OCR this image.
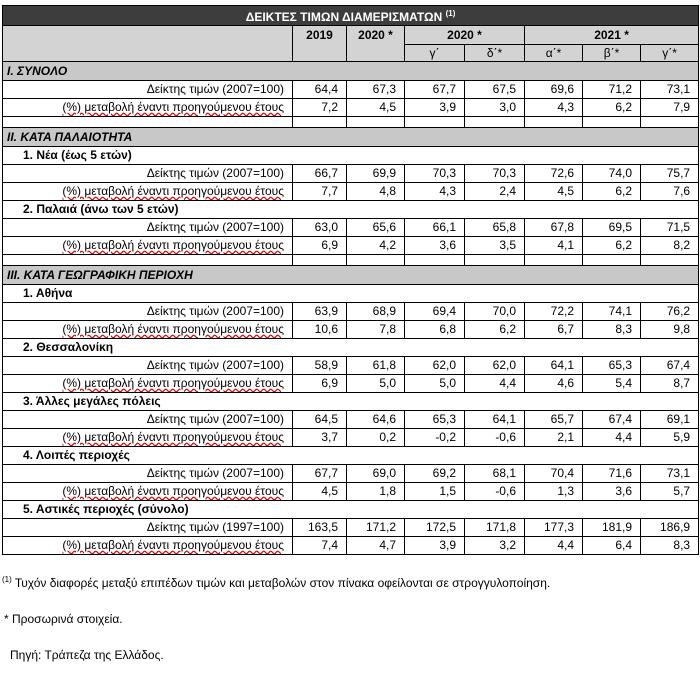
ΔΕΙΚΤΕΣ ΤΙΜΩΝ ΔΙΑΜΕΡΙΣΜΑΤΩΝ $^{(1)}$
	2019	2020 *	2020 *		2021 *		
			γ΄	δ΄*	α΄*	β΄*	γ΄*
I. ΣΥΝΟΛΟ							
Δείκτης τιμών (2007=100)	64,4	67,3	67,7	67,5	69,6	71,2	73,1
(%) μεταβολή έναντι προηγούμενου έτους	7,2	4,5	3,9	3,0	4,3	6,2	7,9

II. ΚΑΤΑ ΠΑΛΑΙΟΤΗΤΑ							
1. Νέα (έως 5 ετών)							
Δείκτης τιμών (2007=100)	66,7	69,9	70,3	70,3	72,6	74,0	75,7
(%) μεταβολή έναντι προηγούμενου έτους	7,7	4,8	4,3	2,4	4,5	6,2	7,6
2. Παλαιά (άνω των 5 ετών)							
Δείκτης τιμών (2007=100)	63,0	65,6	66,1	65,8	67,8	69,5	71,5
(%) μεταβολή έναντι προηγούμενου έτους	6,9	4,2	3,6	3,5	4,1	6,2	8,2

III. ΚΑΤΑ ΓΕΩΓΡΑΦΙΚΗ ΠΕΡΙΟΧΗ							
1. Αθήνα							
Δείκτης τιμών (2007=100)	63,9	68,9	69,4	70,0	72,2	74,1	76,2
(%) μεταβολή έναντι προηγούμενου έτους	10,6	7,8	6,8	6,2	6,7	8,3	9,8
2. Θεσσαλονίκη							
Δείκτης τιμών (2007=100)	58,9	61,8	62,0	62,0	64,1	65,3	67,4
(%) μεταβολή έναντι προηγούμενου έτους	6,9	5,0	5,0	4,4	4,6	5,4	8,7
3. Άλλες μεγάλες πόλεις							
Δείκτης τιμών (2007=100)	64,5	64,6	65,3	64,1	65,7	67,4	69,1
(%) μεταβολή έναντι προηγούμενου έτους	3,7	0,2	-0,2	-0,6	2,1	4,4	5,9
4. Λοιπές περιοχές							
Δείκτης τιμών (2007=100)	67,7	69,0	69,2	68,1	70,4	71,6	73,1
(%) μεταβολή έναντι προηγούμενου έτους	4,5	1,8	1,5	-0,6	1,3	3,6	5,7
5. Αστικές περιοχές (σύνολο)							
Δείκτης τιμών (1997=100)	163,5	171,2	172,5	171,8	177,3	181,9	186,9
(%) μεταβολή έναντι προηγούμενου έτους	7,4	4,7	3,9	3,2	4,4	6,4	8,3

$^{(1)}$ Τυχόν διαφορές μεταξύ επιπέδων τιμών και μεταβολών στον πίνακα οφείλονται σε στρογγυλοποίηση.

* Προσωρινά στοιχεία.

Πηγή: Τράπεζα της Ελλάδος.
